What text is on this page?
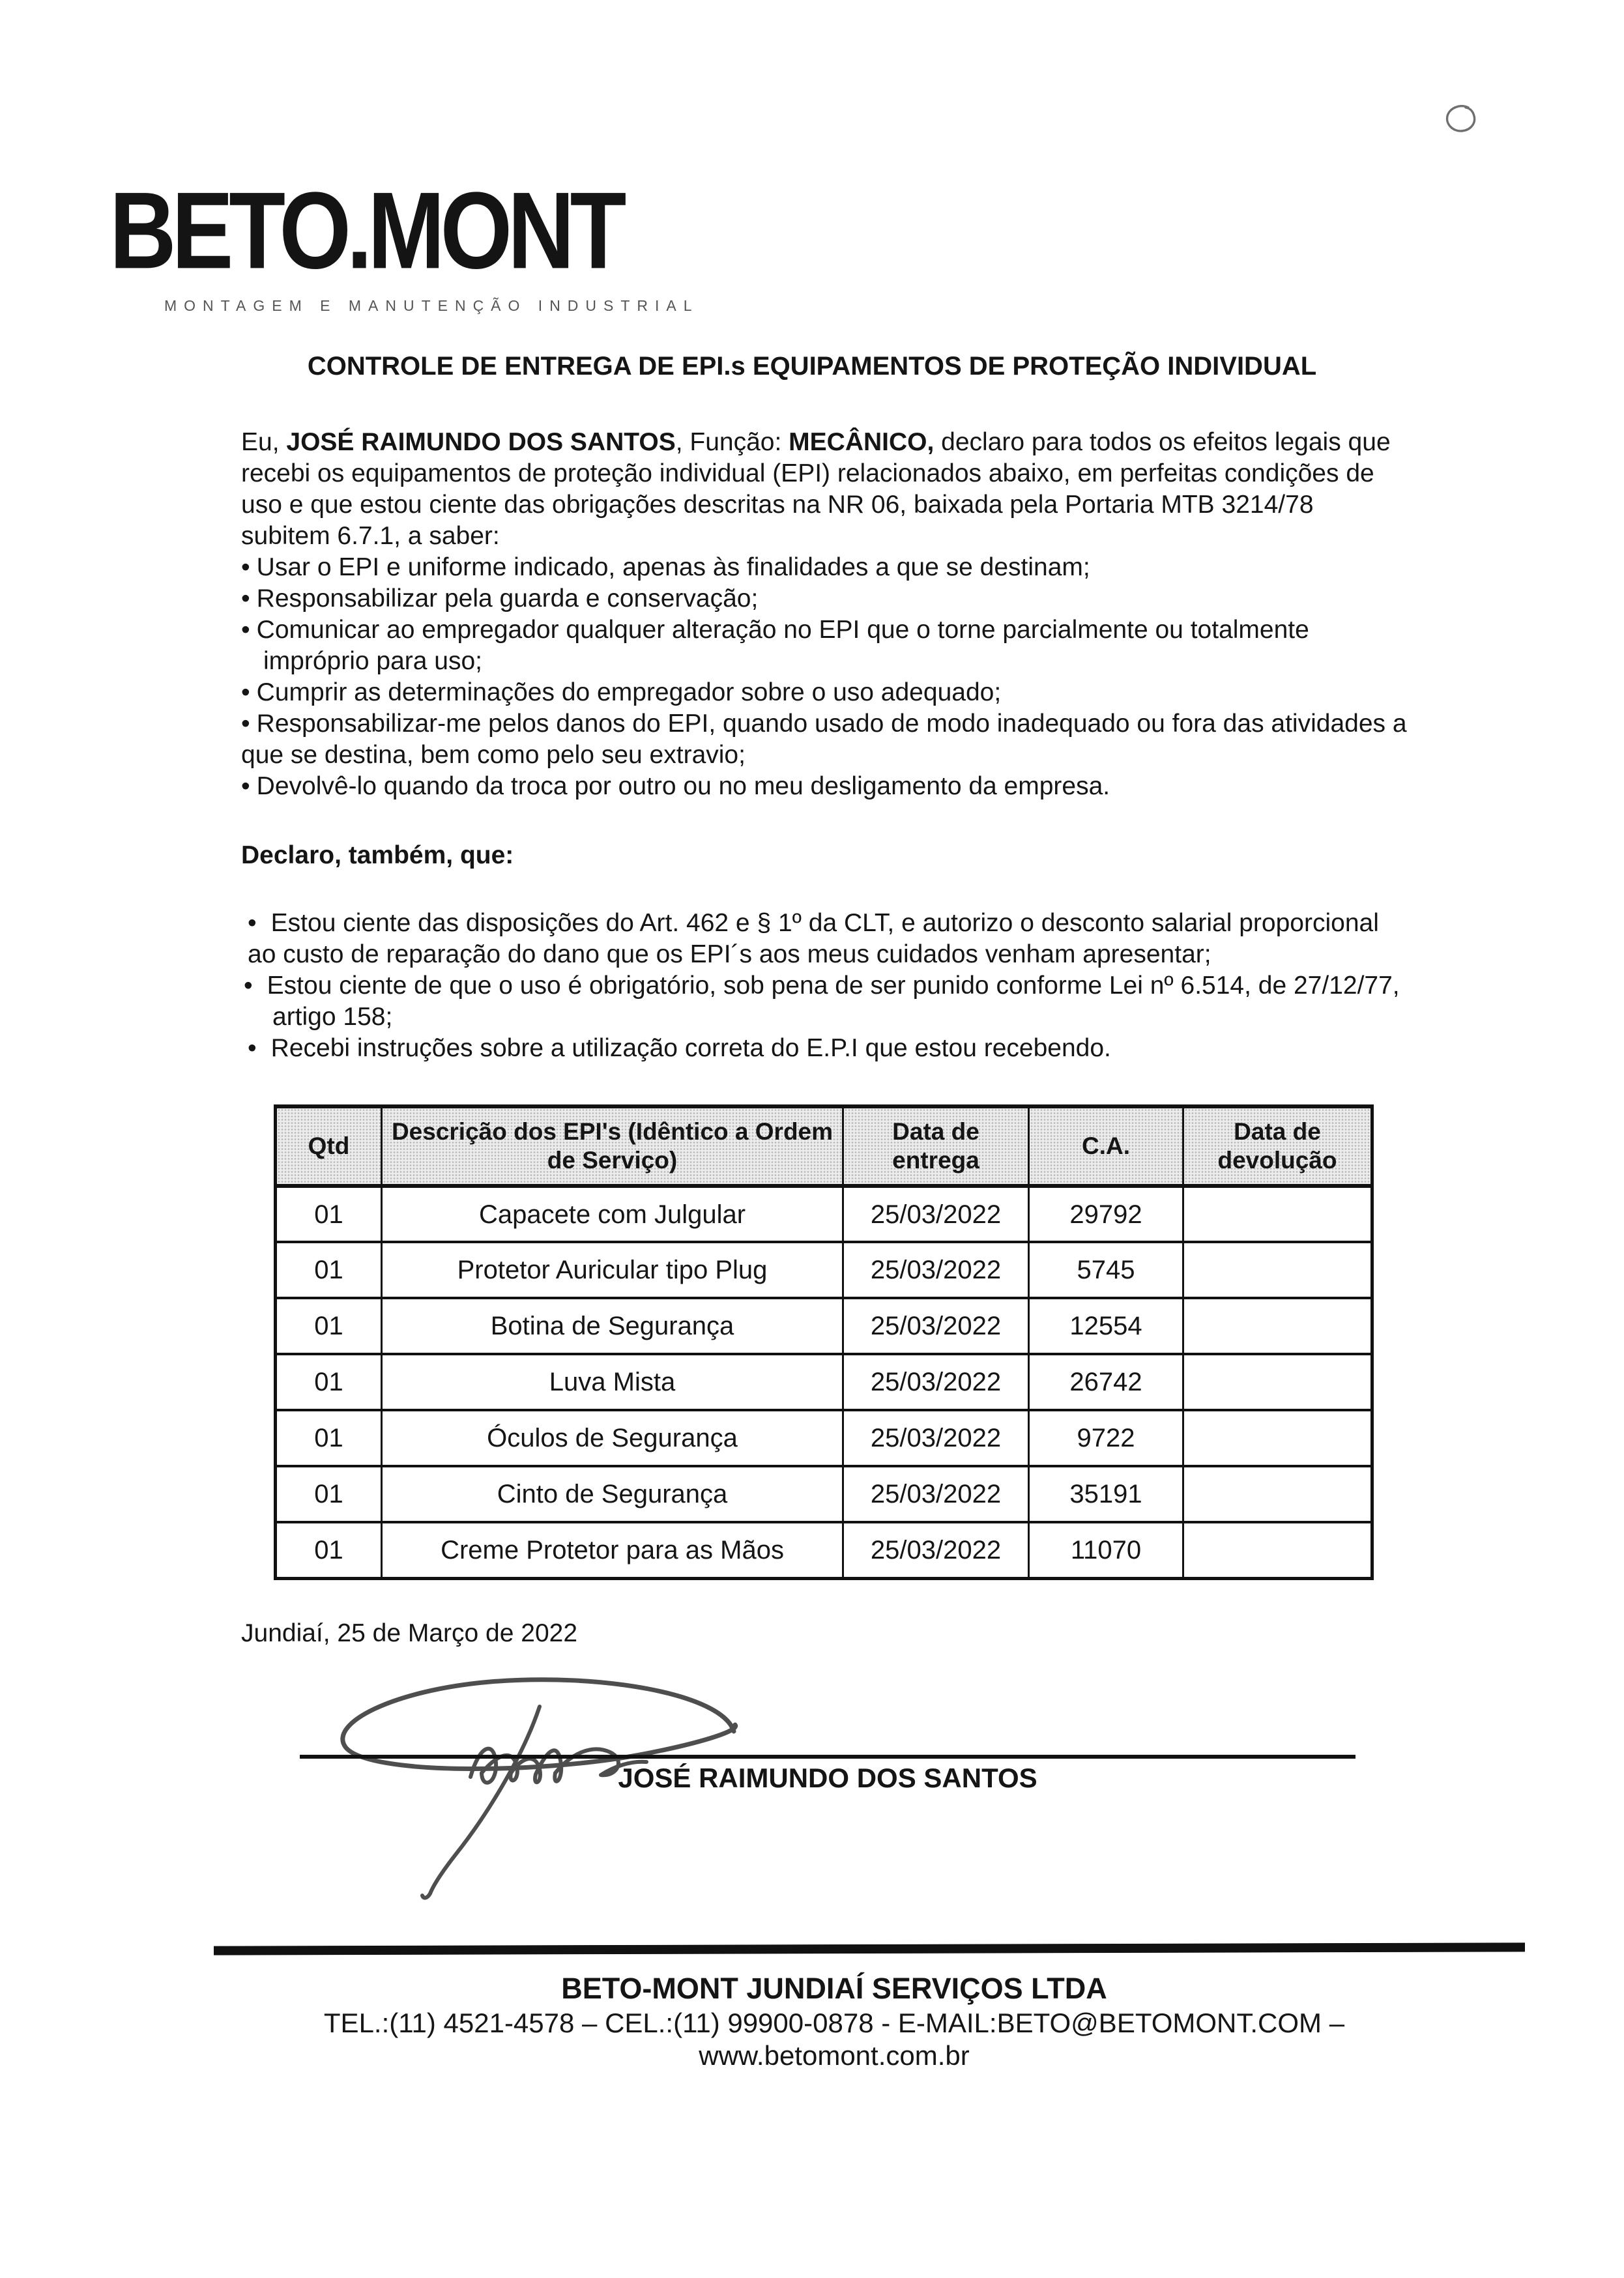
BETO.MONT
MONTAGEM E MANUTENÇÃO INDUSTRIAL
CONTROLE DE ENTREGA DE EPI.s EQUIPAMENTOS DE PROTEÇÃO INDIVIDUAL

Eu, JOSÉ RAIMUNDO DOS SANTOS, Função: MECÂNICO, declaro para todos os efeitos legais que recebi os equipamentos de proteção individual (EPI) relacionados abaixo, em perfeitas condições de uso e que estou ciente das obrigações descritas na NR 06, baixada pela Portaria MTB 3214/78 subitem 6.7.1, a saber:

• Usar o EPI e uniforme indicado, apenas às finalidades a que se destinam;
• Responsabilizar pela guarda e conservação;
• Comunicar ao empregador qualquer alteração no EPI que o torne parcialmente ou totalmente impróprio para uso;
• Cumprir as determinações do empregador sobre o uso adequado;
• Responsabilizar-me pelos danos do EPI, quando usado de modo inadequado ou fora das atividades a que se destina, bem como pelo seu extravio;
• Devolvê-lo quando da troca por outro ou no meu desligamento da empresa.

Declaro, também, que:

• Estou ciente das disposições do Art. 462 e § 1º da CLT, e autorizo o desconto salarial proporcional ao custo de reparação do dano que os EPI´s aos meus cuidados venham apresentar;
• Estou ciente de que o uso é obrigatório, sob pena de ser punido conforme Lei nº 6.514, de 27/12/77, artigo 158;
• Recebi instruções sobre a utilização correta do E.P.I que estou recebendo.
Qtd	Descrição dos EPI's (Idêntico a Ordem de Serviço)	Data de entrega	C.A.	Data de devolução
01	Capacete com Julgular	25/03/2022	29792	
01	Protetor Auricular tipo Plug	25/03/2022	5745	
01	Botina de Segurança	25/03/2022	12554	
01	Luva Mista	25/03/2022	26742	
01	Óculos de Segurança	25/03/2022	9722	
01	Cinto de Segurança	25/03/2022	35191	
01	Creme Protetor para as Mãos	25/03/2022	11070	

Jundiaí, 25 de Março de 2022

JOSÉ RAIMUNDO DOS SANTOS
BETO-MONT JUNDIAÍ SERVIÇOS LTDA
TEL.:(11) 4521-4578 – CEL.:(11) 99900-0878 - E-MAIL:BETO@BETOMONT.COM –
www.betomont.com.br
